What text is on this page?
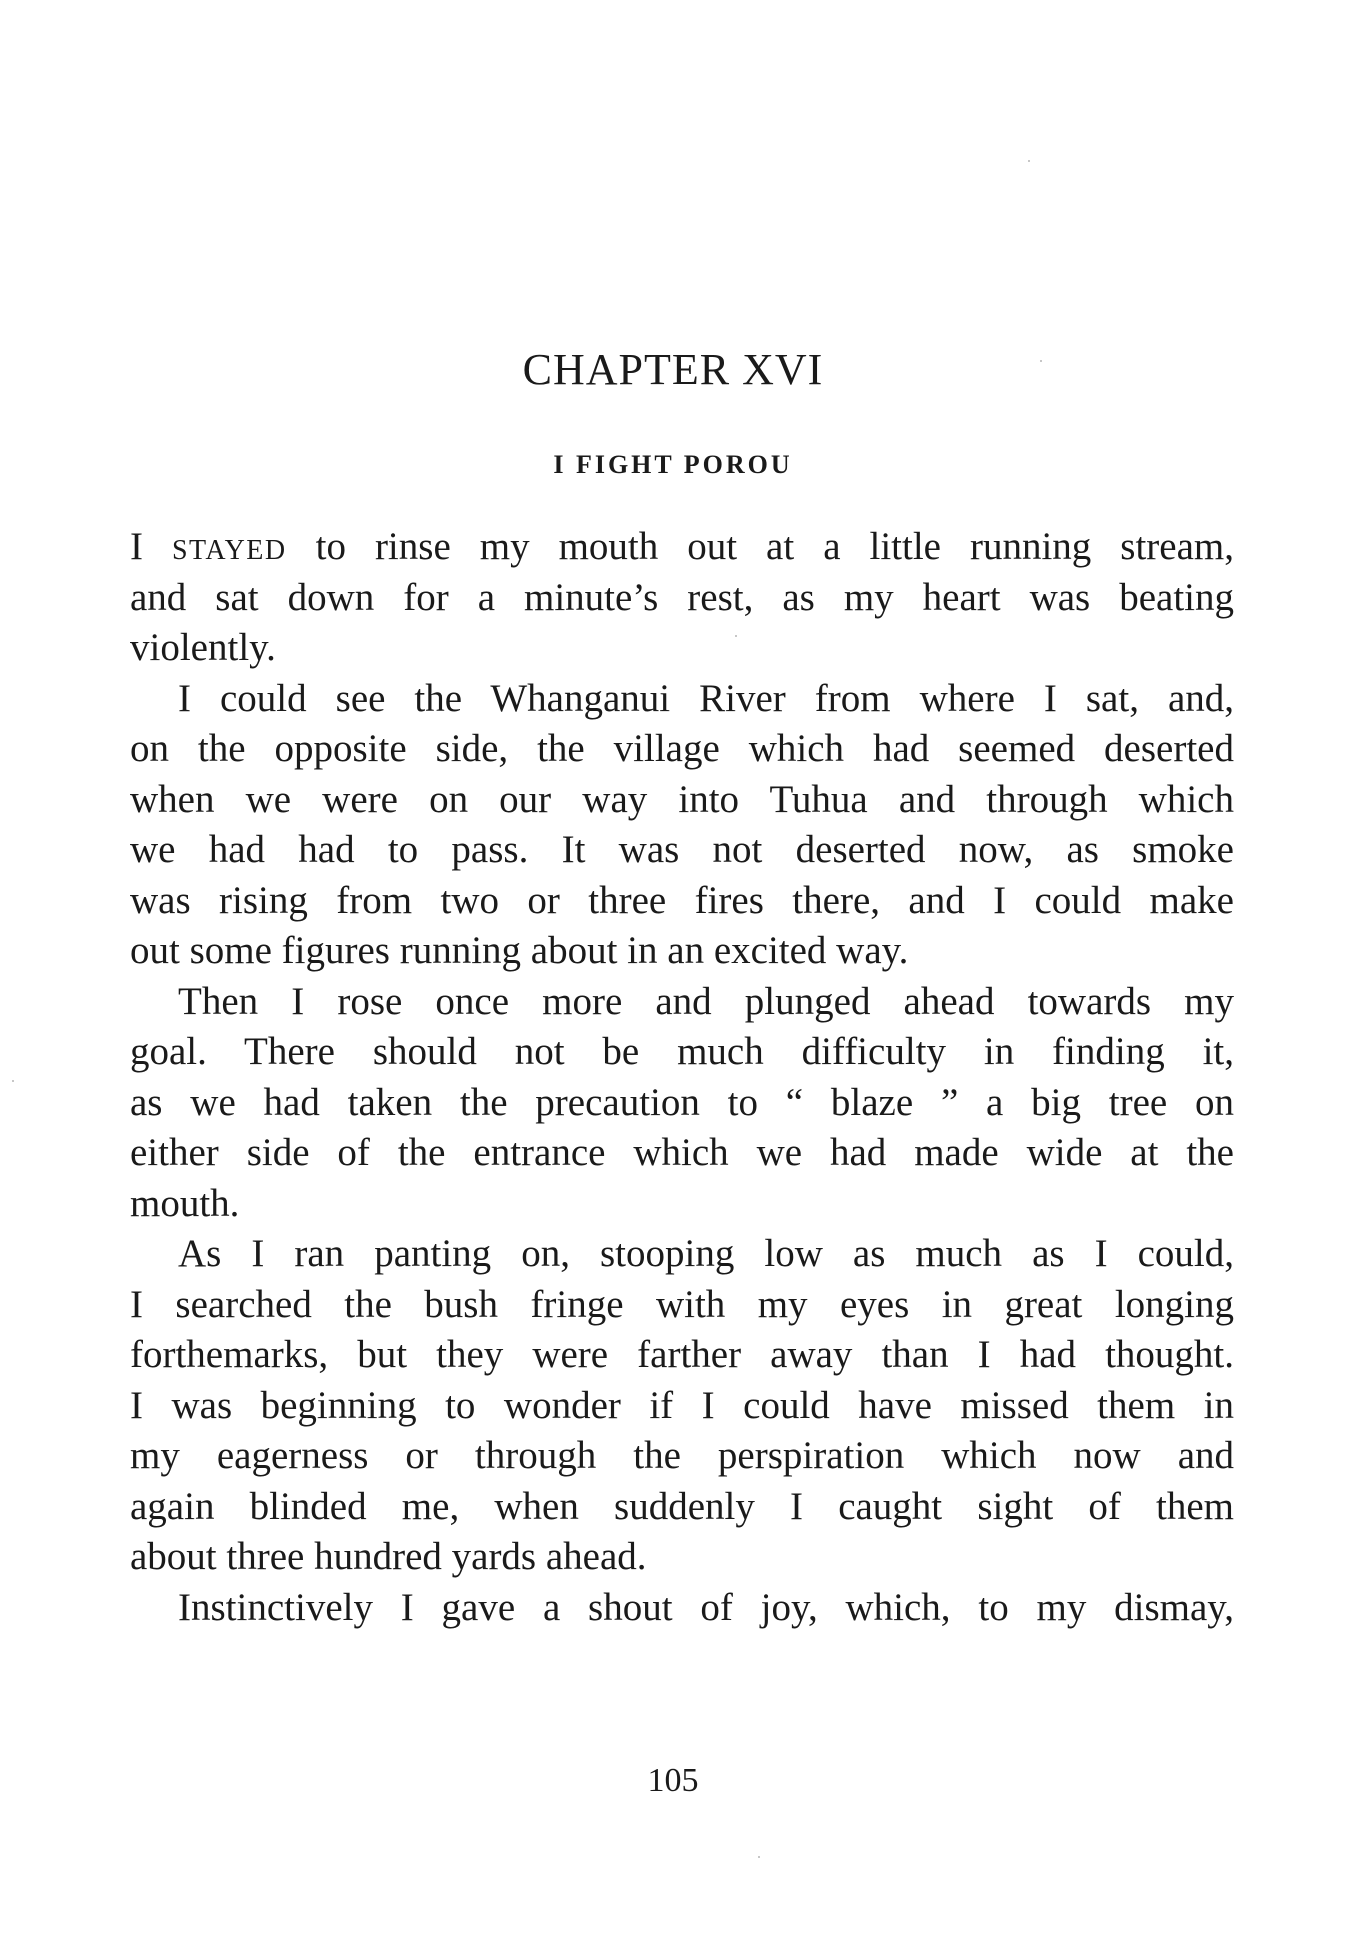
CHAPTER XVI
I FIGHT POROU
I STAYED to rinse my mouth out at a little running stream,
and sat down for a minute’s rest, as my heart was beating
violently.
I could see the Whanganui River from where I sat, and,
on the opposite side, the village which had seemed deserted
when we were on our way into Tuhua and through which
we had had to pass. It was not deserted now, as smoke
was rising from two or three fires there, and I could make
out some figures running about in an excited way.
Then I rose once more and plunged ahead towards my
goal. There should not be much difficulty in finding it,
as we had taken the precaution to “ blaze ” a big tree on
either side of the entrance which we had made wide at the
mouth.
As I ran panting on, stooping low as much as I could,
I searched the bush fringe with my eyes in great longing
forthemarks, but they were farther away than I had thought.
I was beginning to wonder if I could have missed them in
my eagerness or through the perspiration which now and
again blinded me, when suddenly I caught sight of them
about three hundred yards ahead.
Instinctively I gave a shout of joy, which, to my dismay,
105
